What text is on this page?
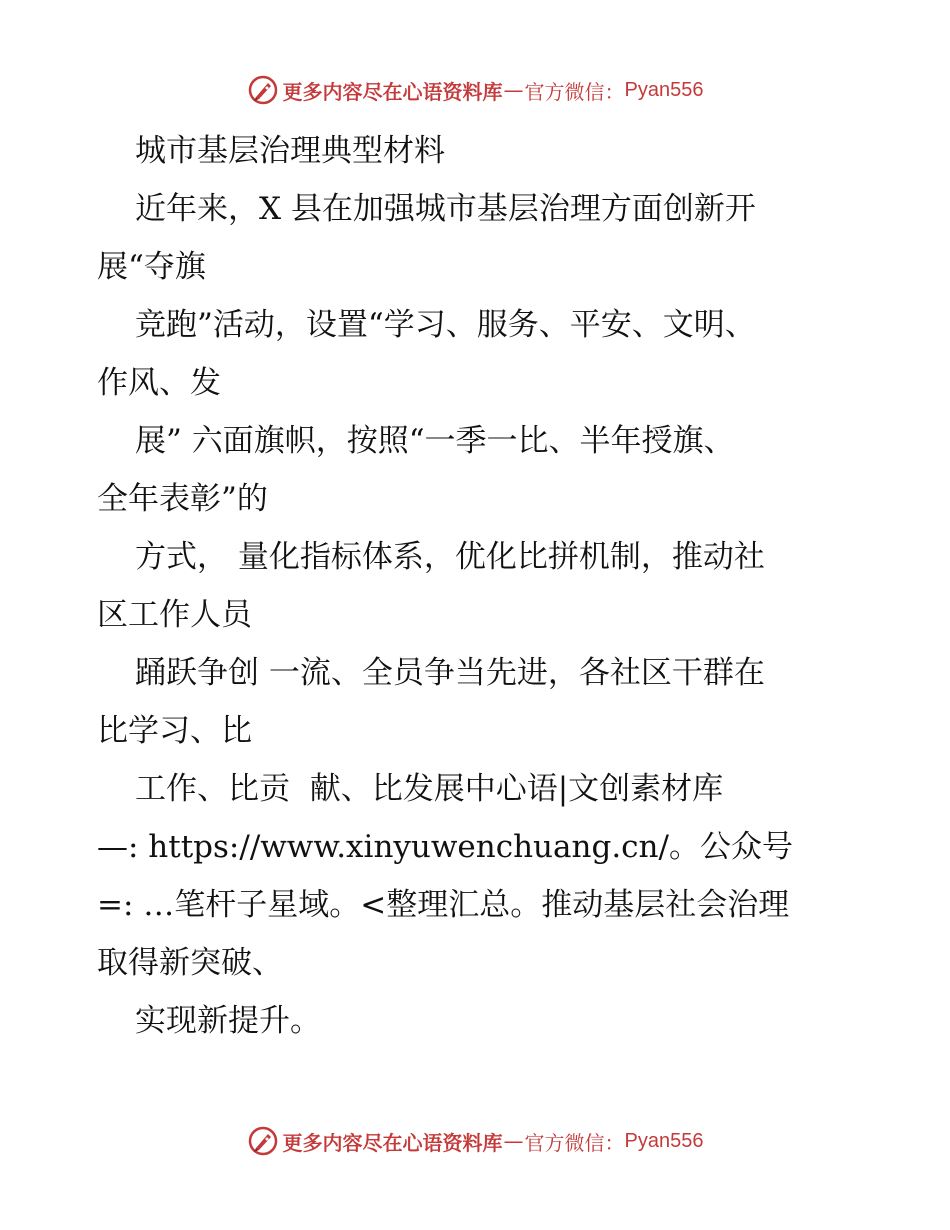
更多内容尽在心语资料库 — 官方微信： Pyan556
城市基层治理典型材料
近年来，X 县在加强城市基层治理方面创新开
展“夺旗
竞跑”活动，设置“学习、服务、平安、文明、
作风、发
展” 六面旗帜，按照“一季一比、半年授旗、
全年表彰”的
方式， 量化指标体系，优化比拼机制，推动社
区工作人员
踊跃争创 一流、全员争当先进，各社区干群在
比学习、比
工作、比贡  献、比发展中心语|文创素材库
—: https://www.xinyuwenchuang.cn/。公众号
=: …笔杆子星域。<整理汇总。推动基层社会治理
取得新突破、
实现新提升。
更多内容尽在心语资料库 — 官方微信： Pyan556
